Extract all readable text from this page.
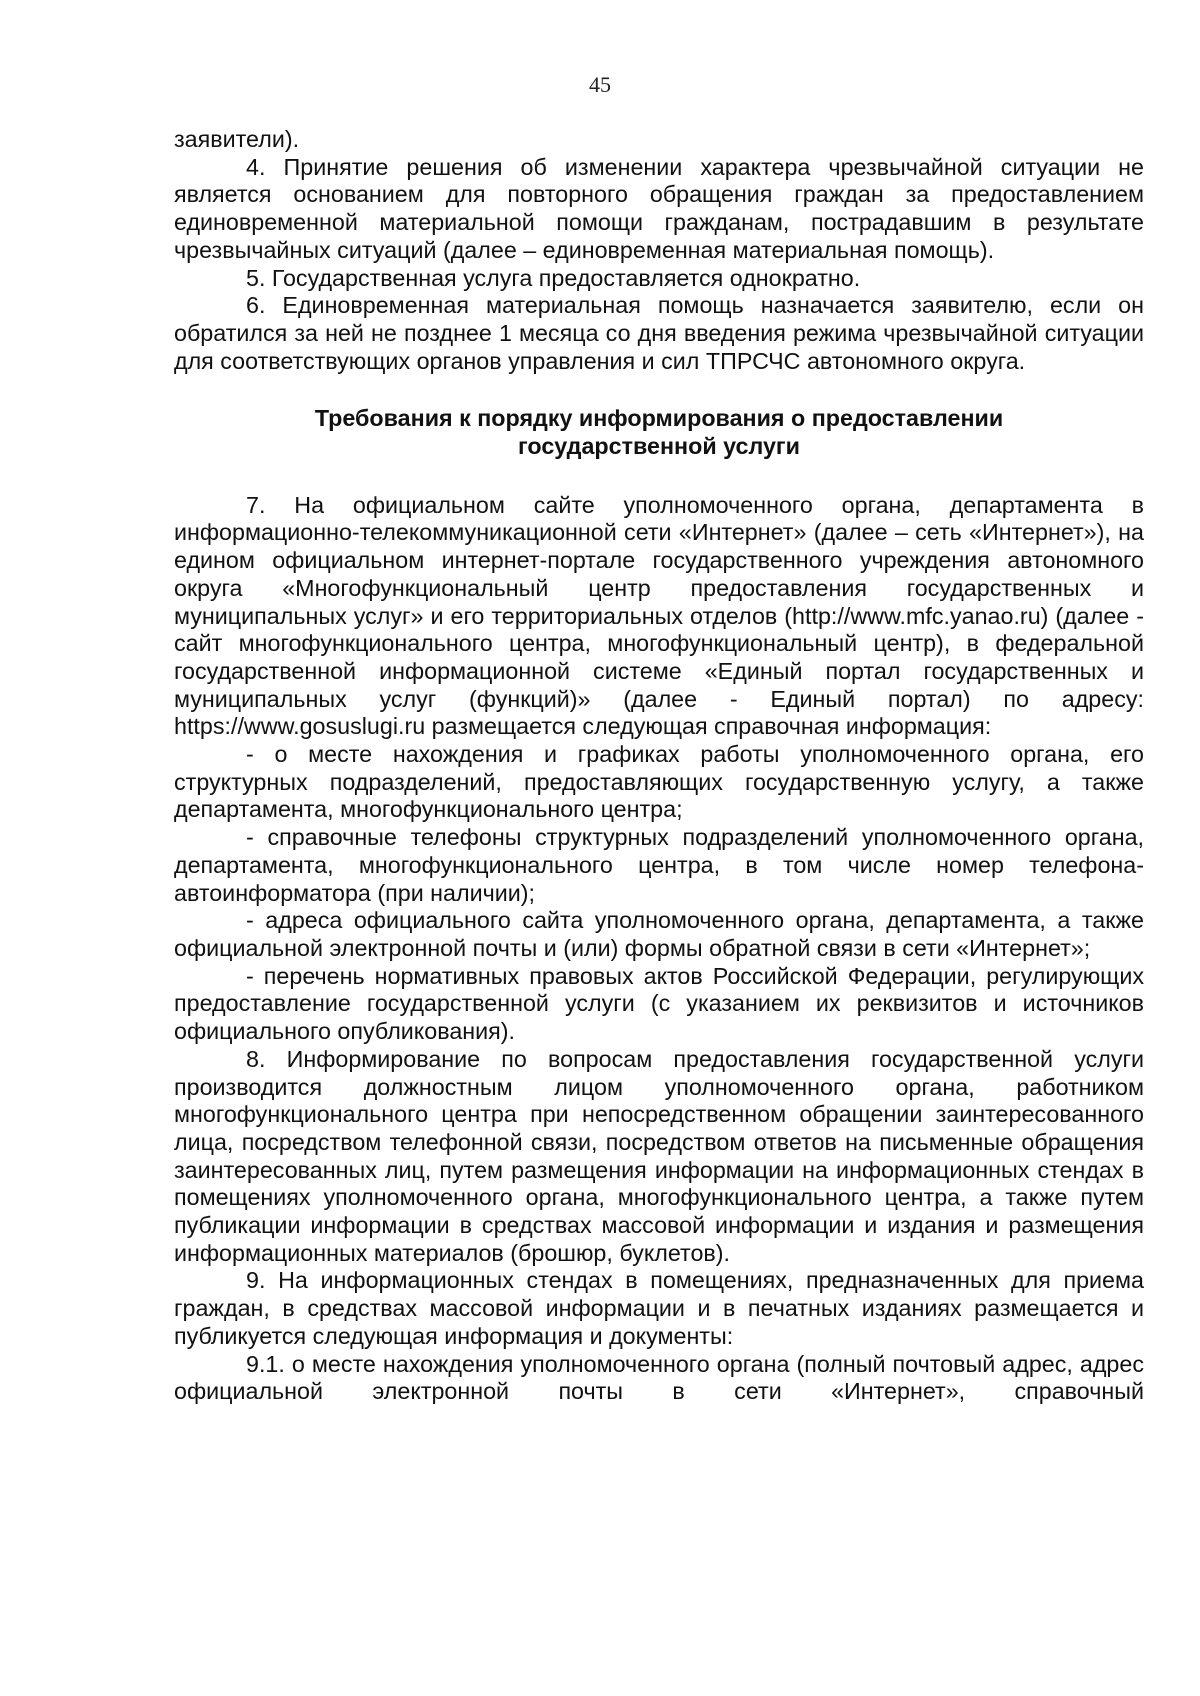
45

заявители).

4. Принятие решения об изменении характера чрезвычайной ситуации не является основанием для повторного обращения граждан за предоставлением единовременной материальной помощи гражданам, пострадавшим в результате чрезвычайных ситуаций (далее – единовременная материальная помощь).

5. Государственная услуга предоставляется однократно.

6. Единовременная материальная помощь назначается заявителю, если он обратился за ней не позднее 1 месяца со дня введения режима чрезвычайной ситуации для соответствующих органов управления и сил ТПРСЧС автономного округа.

Требования к порядку информирования о предоставлении
государственной услуги

7. На официальном сайте уполномоченного органа, департамента в информационно-телекоммуникационной сети «Интернет» (далее – сеть «Интернет»), на едином официальном интернет-портале государственного учреждения автономного округа «Многофункциональный центр предоставления государственных и муниципальных услуг» и его территориальных отделов (http://www.mfc.yanao.ru) (далее - сайт многофункционального центра, многофункциональный центр), в федеральной государственной информационной системе «Единый портал государственных и муниципальных услуг (функций)» (далее - Единый портал) по адресу: https://www.gosuslugi.ru размещается следующая справочная информация:

- о месте нахождения и графиках работы уполномоченного органа, его структурных подразделений, предоставляющих государственную услугу, а также департамента, многофункционального центра;

- справочные телефоны структурных подразделений уполномоченного органа, департамента, многофункционального центра, в том числе номер телефона-автоинформатора (при наличии);

- адреса официального сайта уполномоченного органа, департамента, а также официальной электронной почты и (или) формы обратной связи в сети «Интернет»;

- перечень нормативных правовых актов Российской Федерации, регулирующих предоставление государственной услуги (с указанием их реквизитов и источников официального опубликования).

8. Информирование по вопросам предоставления государственной услуги производится должностным лицом уполномоченного органа, работником многофункционального центра при непосредственном обращении заинтересованного лица, посредством телефонной связи, посредством ответов на письменные обращения заинтересованных лиц, путем размещения информации на информационных стендах в помещениях уполномоченного органа, многофункционального центра, а также путем публикации информации в средствах массовой информации и издания и размещения информационных материалов (брошюр, буклетов).

9. На информационных стендах в помещениях, предназначенных для приема граждан, в средствах массовой информации и в печатных изданиях размещается и публикуется следующая информация и документы:

9.1. о месте нахождения уполномоченного органа (полный почтовый адрес, адрес официальной электронной почты в сети «Интернет», справочный
